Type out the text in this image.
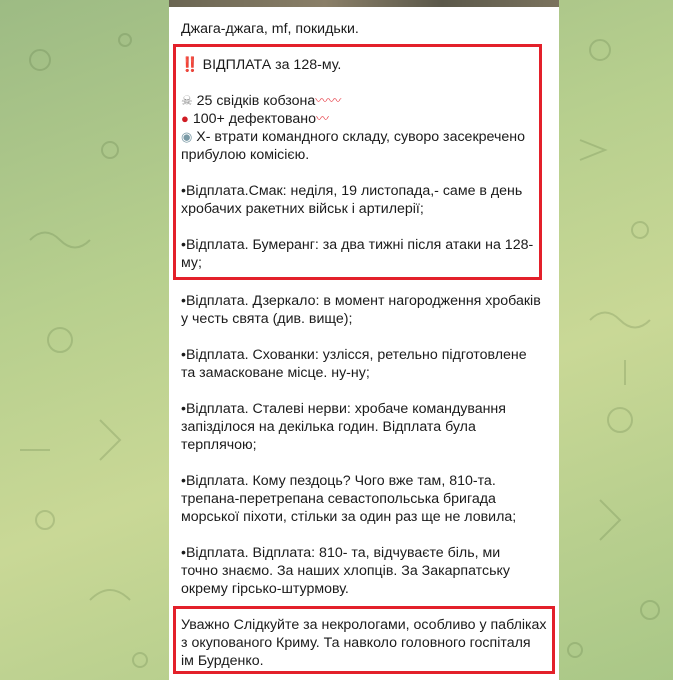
Джага-джага, mf, покидьки.
‼️ ВІДПЛАТА за 128-му.
☠ 25 свідків кобзона〰〰
● 100+ дефектовано〰
◉ Х- втрати командного складу, суворо засекречено прибулою комісією.
•Відплата.Смак: неділя, 19 листопада,- саме в день хробачих ракетних військ і артилерії;
•Відплата. Бумеранг: за два тижні після атаки на 128-му;
•Відплата. Дзеркало: в момент нагородження хробаків у честь свята (див. вище);
•Відплата. Схованки: узлісся, ретельно підготовлене та замасковане місце. ну-ну;
•Відплата. Сталеві нерви: хробаче командування запізділося на декілька годин. Відплата була терплячою;
•Відплата. Кому пездоць? Чого вже там, 810-та. трепана-перетрепана севастопольська бригада морської піхоти, стільки за один раз ще не ловила;
•Відплата. Відплата: 810- та, відчуваєте біль, ми точно знаємо. За наших хлопців. За Закарпатську окрему гірсько-штурмову.
Уважно Слідкуйте за некрологами, особливо у пабліках з окупованого Криму. Та навколо головного госпіталя ім Бурденко.
